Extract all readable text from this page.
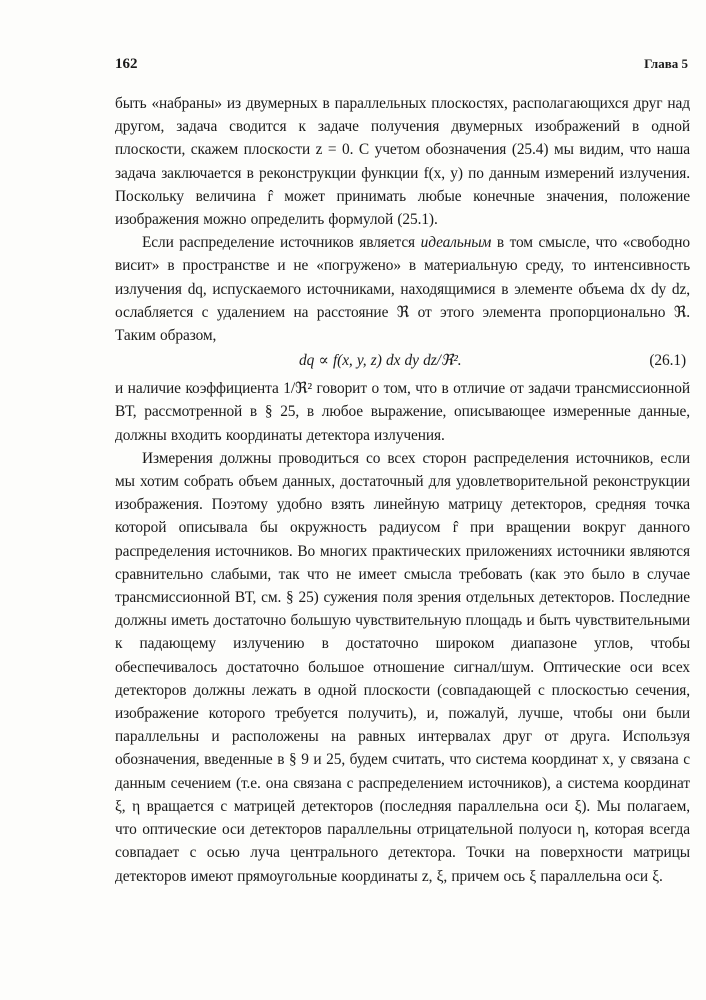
162	Глава 5

быть «набраны» из двумерных в параллельных плоскостях, располагающихся друг над другом, задача сводится к задаче получения двумерных изображений в одной плоскости, скажем плоскости z = 0. С учетом обозначения (25.4) мы видим, что наша задача заключается в реконструкции функции f(x, y) по данным измерений излучения. Поскольку величина r̂ может принимать любые конечные значения, положение изображения можно определить формулой (25.1).

Если распределение источников является идеальным в том смысле, что «свободно висит» в пространстве и не «погружено» в материальную среду, то интенсивность излучения dq, испускаемого источниками, находящимися в элементе объема dx dy dz, ослабляется с удалением на расстояние ℜ от этого элемента пропорционально ℜ. Таким образом,

dq ∝ f(x, y, z) dx dy dz/ℜ².	(26.1)

и наличие коэффициента 1/ℜ² говорит о том, что в отличие от задачи трансмиссионной ВТ, рассмотренной в § 25, в любое выражение, описывающее измеренные данные, должны входить координаты детектора излучения.

Измерения должны проводиться со всех сторон распределения источников, если мы хотим собрать объем данных, достаточный для удовлетворительной реконструкции изображения. Поэтому удобно взять линейную матрицу детекторов, средняя точка которой описывала бы окружность радиусом r̂ при вращении вокруг данного распределения источников. Во многих практических приложениях источники являются сравнительно слабыми, так что не имеет смысла требовать (как это было в случае трансмиссионной ВТ, см. § 25) сужения поля зрения отдельных детекторов. Последние должны иметь достаточно большую чувствительную площадь и быть чувствительными к падающему излучению в достаточно широком диапазоне углов, чтобы обеспечивалось достаточно большое отношение сигнал/шум. Оптические оси всех детекторов должны лежать в одной плоскости (совпадающей с плоскостью сечения, изображение которого требуется получить), и, пожалуй, лучше, чтобы они были параллельны и расположены на равных интервалах друг от друга. Используя обозначения, введенные в § 9 и 25, будем считать, что система координат x, y связана с данным сечением (т.е. она связана с распределением источников), а система координат ξ, η вращается с матрицей детекторов (последняя параллельна оси ξ). Мы полагаем, что оптические оси детекторов параллельны отрицательной полуоси η, которая всегда совпадает с осью луча центрального детектора. Точки на поверхности матрицы детекторов имеют прямоугольные координаты z, ξ, причем ось ξ параллельна оси ξ.
